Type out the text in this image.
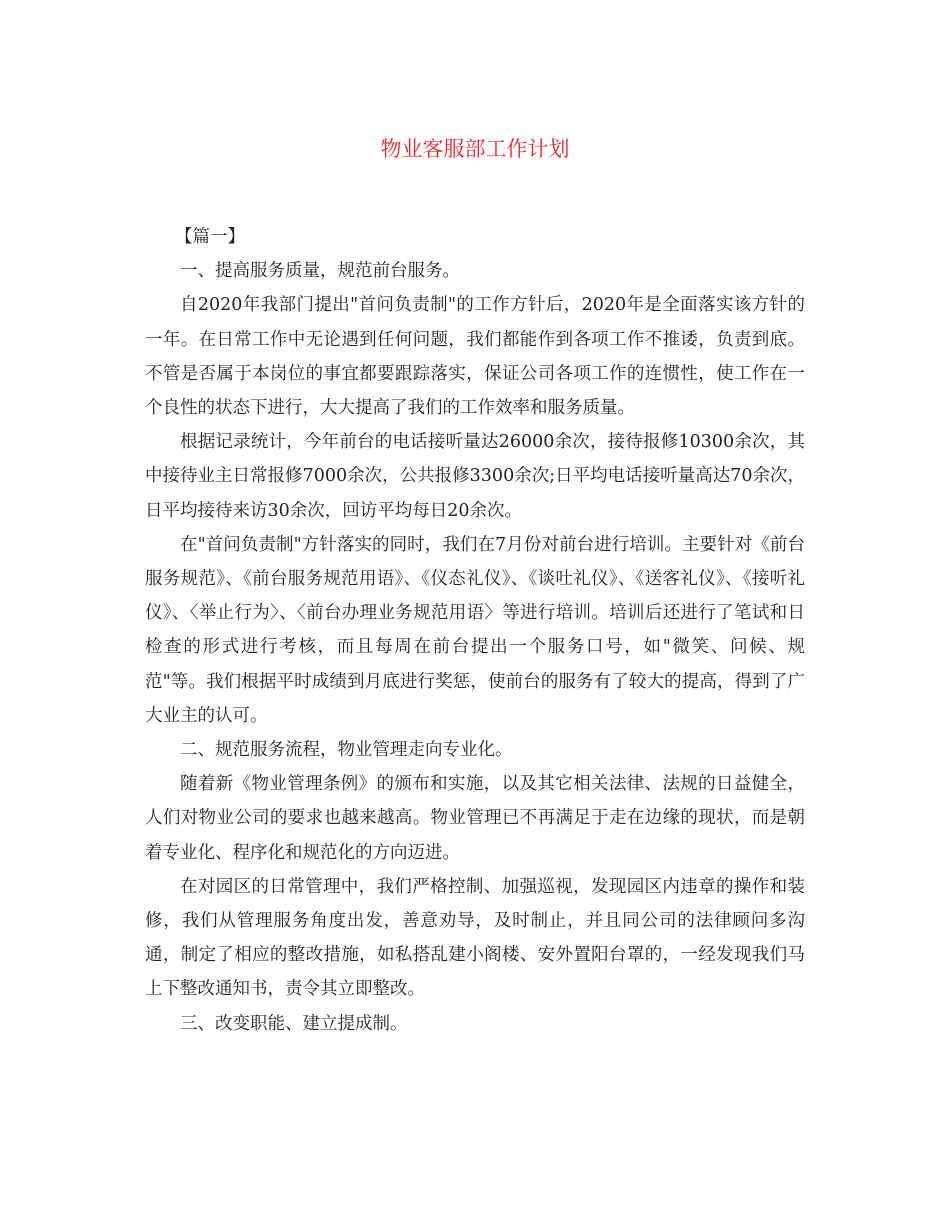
物业客服部工作计划

【篇一】

一、提高服务质量，规范前台服务。

自2020年我部门提出"首问负责制"的工作方针后，2020年是全面落实该方针的一年。在日常工作中无论遇到任何问题，我们都能作到各项工作不推诿，负责到底。不管是否属于本岗位的事宜都要跟踪落实，保证公司各项工作的连惯性，使工作在一个良性的状态下进行，大大提高了我们的工作效率和服务质量。

根据记录统计，今年前台的电话接听量达26000余次，接待报修10300余次，其中接待业主日常报修7000余次，公共报修3300余次;日平均电话接听量高达70余次，日平均接待来访30余次，回访平均每日20余次。

在"首问负责制"方针落实的同时，我们在7月份对前台进行培训。主要针对《前台服务规范》、《前台服务规范用语》、《仪态礼仪》、《谈吐礼仪》、《送客礼仪》、《接听礼仪》、〈举止行为〉、〈前台办理业务规范用语〉等进行培训。培训后还进行了笔试和日检查的形式进行考核，而且每周在前台提出一个服务口号，如"微笑、问候、规范"等。我们根据平时成绩到月底进行奖惩，使前台的服务有了较大的提高，得到了广大业主的认可。

二、规范服务流程，物业管理走向专业化。

随着新《物业管理条例》的颁布和实施，以及其它相关法律、法规的日益健全，人们对物业公司的要求也越来越高。物业管理已不再满足于走在边缘的现状，而是朝着专业化、程序化和规范化的方向迈进。

在对园区的日常管理中，我们严格控制、加强巡视，发现园区内违章的操作和装修，我们从管理服务角度出发，善意劝导，及时制止，并且同公司的法律顾问多沟通，制定了相应的整改措施，如私搭乱建小阁楼、安外置阳台罩的，一经发现我们马上下整改通知书，责令其立即整改。

三、改变职能、建立提成制。
